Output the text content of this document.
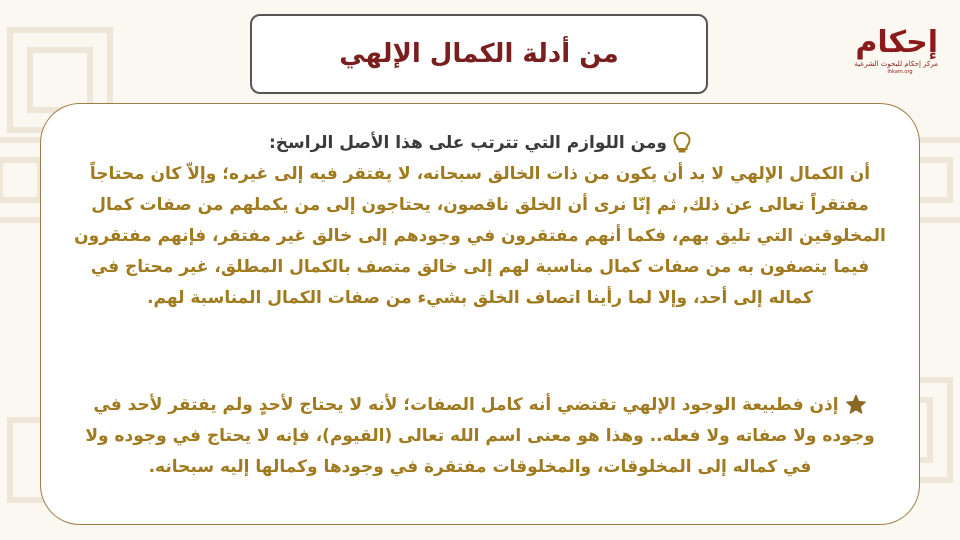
من أدلة الكمال الإلهي	إحكام
مركز إحكام للبحوث الشرعية
Ihkam.org
ومن اللوازم التي تترتب على هذا الأصل الراسخ:
أن الكمال الإلهي لا بد أن يكون من ذات الخالق سبحانه، لا يفتقر فيه إلى غيره؛ وإلاّ كان محتاجاً مفتقراً تعالى عن ذلك, ثم إنّا نرى أن الخلق ناقصون، يحتاجون إلى من يكملهم من صفات كمال المخلوقين التي تليق بهم، فكما أنهم مفتقرون في وجودهم إلى خالق غير مفتقر، فإنهم مفتقرون فيما يتصفون به من صفات كمال مناسبة لهم إلى خالق متصف بالكمال المطلق، غير محتاج في كماله إلى أحد، وإلا لما رأينا اتصاف الخلق بشيء من صفات الكمال المناسبة لهم.
إذن فطبيعة الوجود الإلهي تقتضي أنه كامل الصفات؛ لأنه لا يحتاج لأحدٍ ولم يفتقر لأحد في وجوده ولا صفاته ولا فعله.. وهذا هو معنى اسم الله تعالى (القيوم)، فإنه لا يحتاج في وجوده ولا في كماله إلى المخلوقات، والمخلوقات مفتقرة في وجودها وكمالها إليه سبحانه.
